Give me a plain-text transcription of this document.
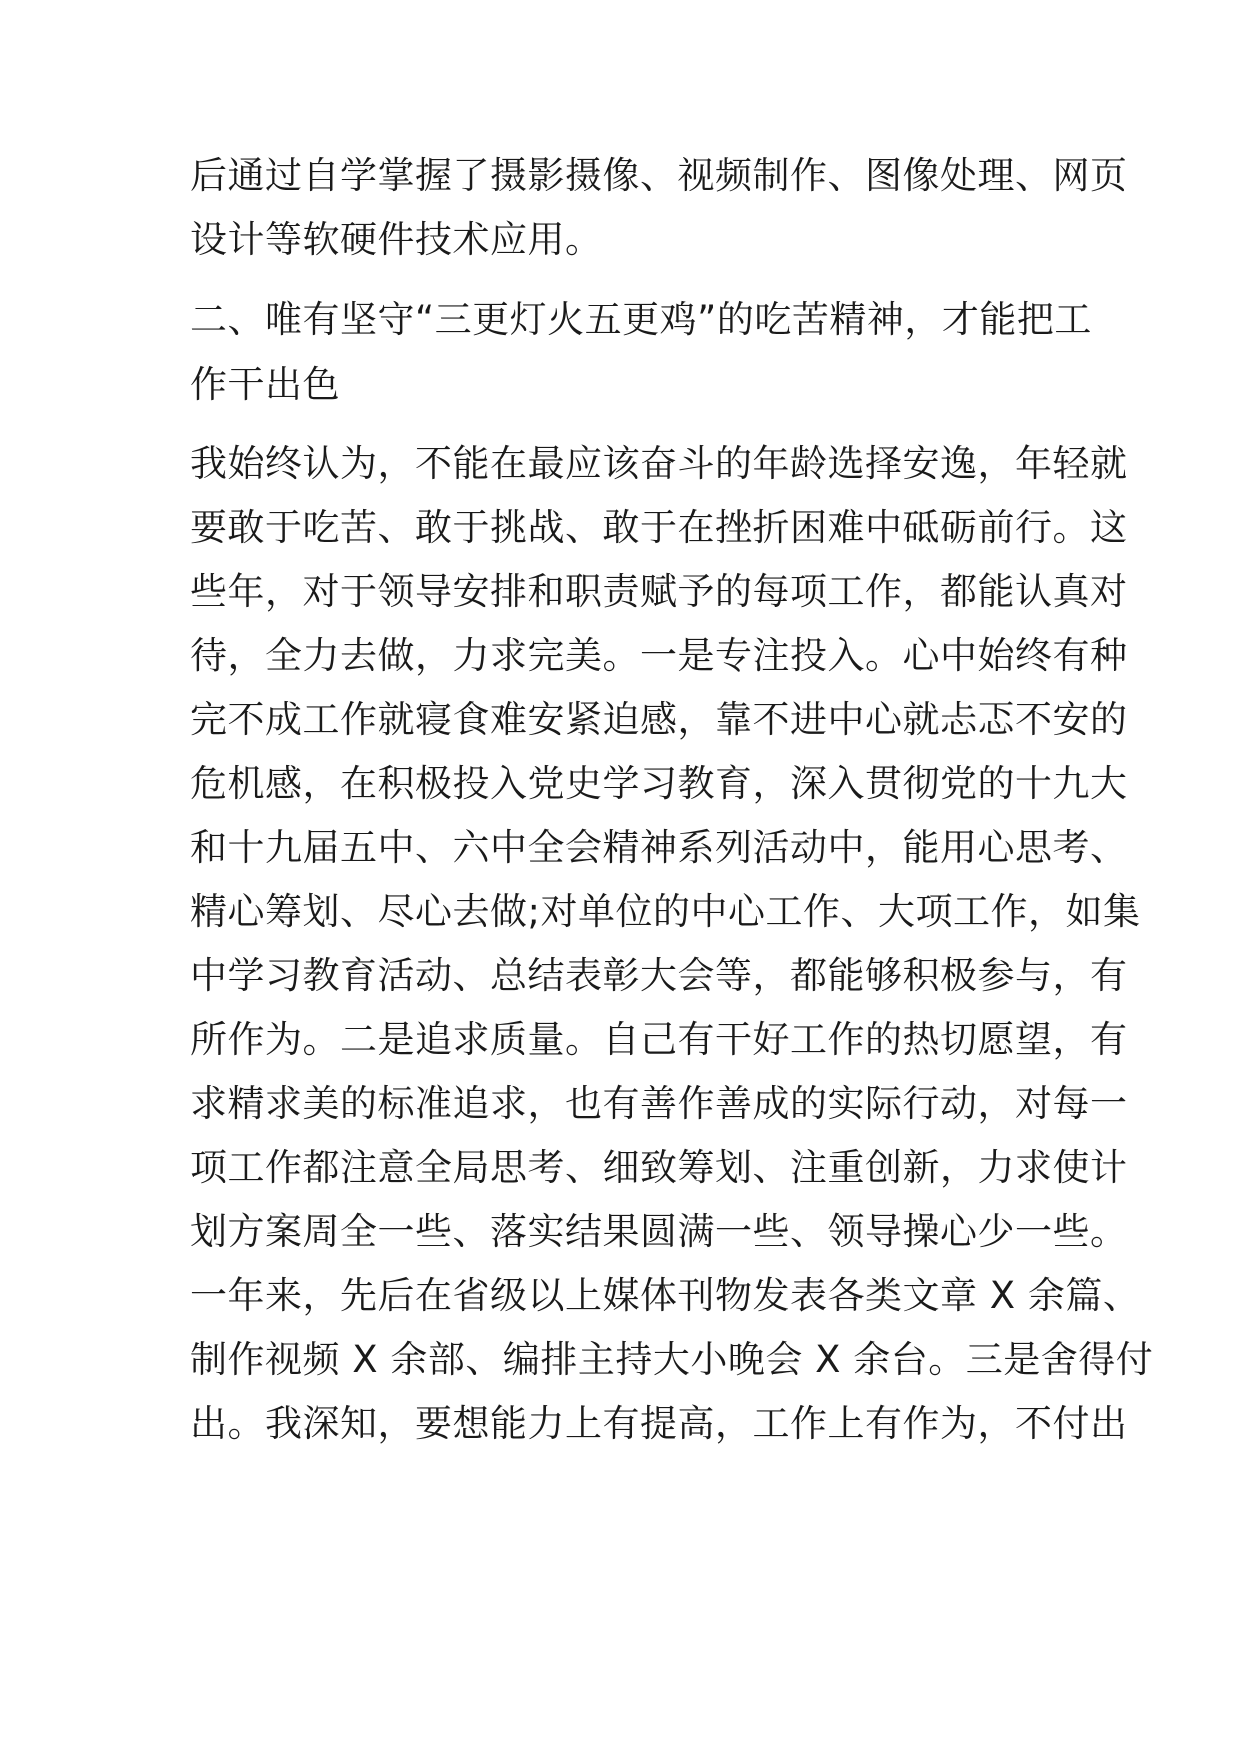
后通过自学掌握了摄影摄像、视频制作、图像处理、网页
设计等软硬件技术应用。
二、唯有坚守“三更灯火五更鸡”的吃苦精神，才能把工
作干出色
我始终认为，不能在最应该奋斗的年龄选择安逸，年轻就
要敢于吃苦、敢于挑战、敢于在挫折困难中砥砺前行。这
些年，对于领导安排和职责赋予的每项工作，都能认真对
待，全力去做，力求完美。一是专注投入。心中始终有种
完不成工作就寝食难安紧迫感，靠不进中心就忐忑不安的
危机感，在积极投入党史学习教育，深入贯彻党的十九大
和十九届五中、六中全会精神系列活动中，能用心思考、
精心筹划、尽心去做;对单位的中心工作、大项工作，如集
中学习教育活动、总结表彰大会等，都能够积极参与，有
所作为。二是追求质量。自己有干好工作的热切愿望，有
求精求美的标准追求，也有善作善成的实际行动，对每一
项工作都注意全局思考、细致筹划、注重创新，力求使计
划方案周全一些、落实结果圆满一些、领导操心少一些。
一年来，先后在省级以上媒体刊物发表各类文章 X 余篇、
制作视频 X 余部、编排主持大小晚会 X 余台。三是舍得付
出。我深知，要想能力上有提高，工作上有作为，不付出
